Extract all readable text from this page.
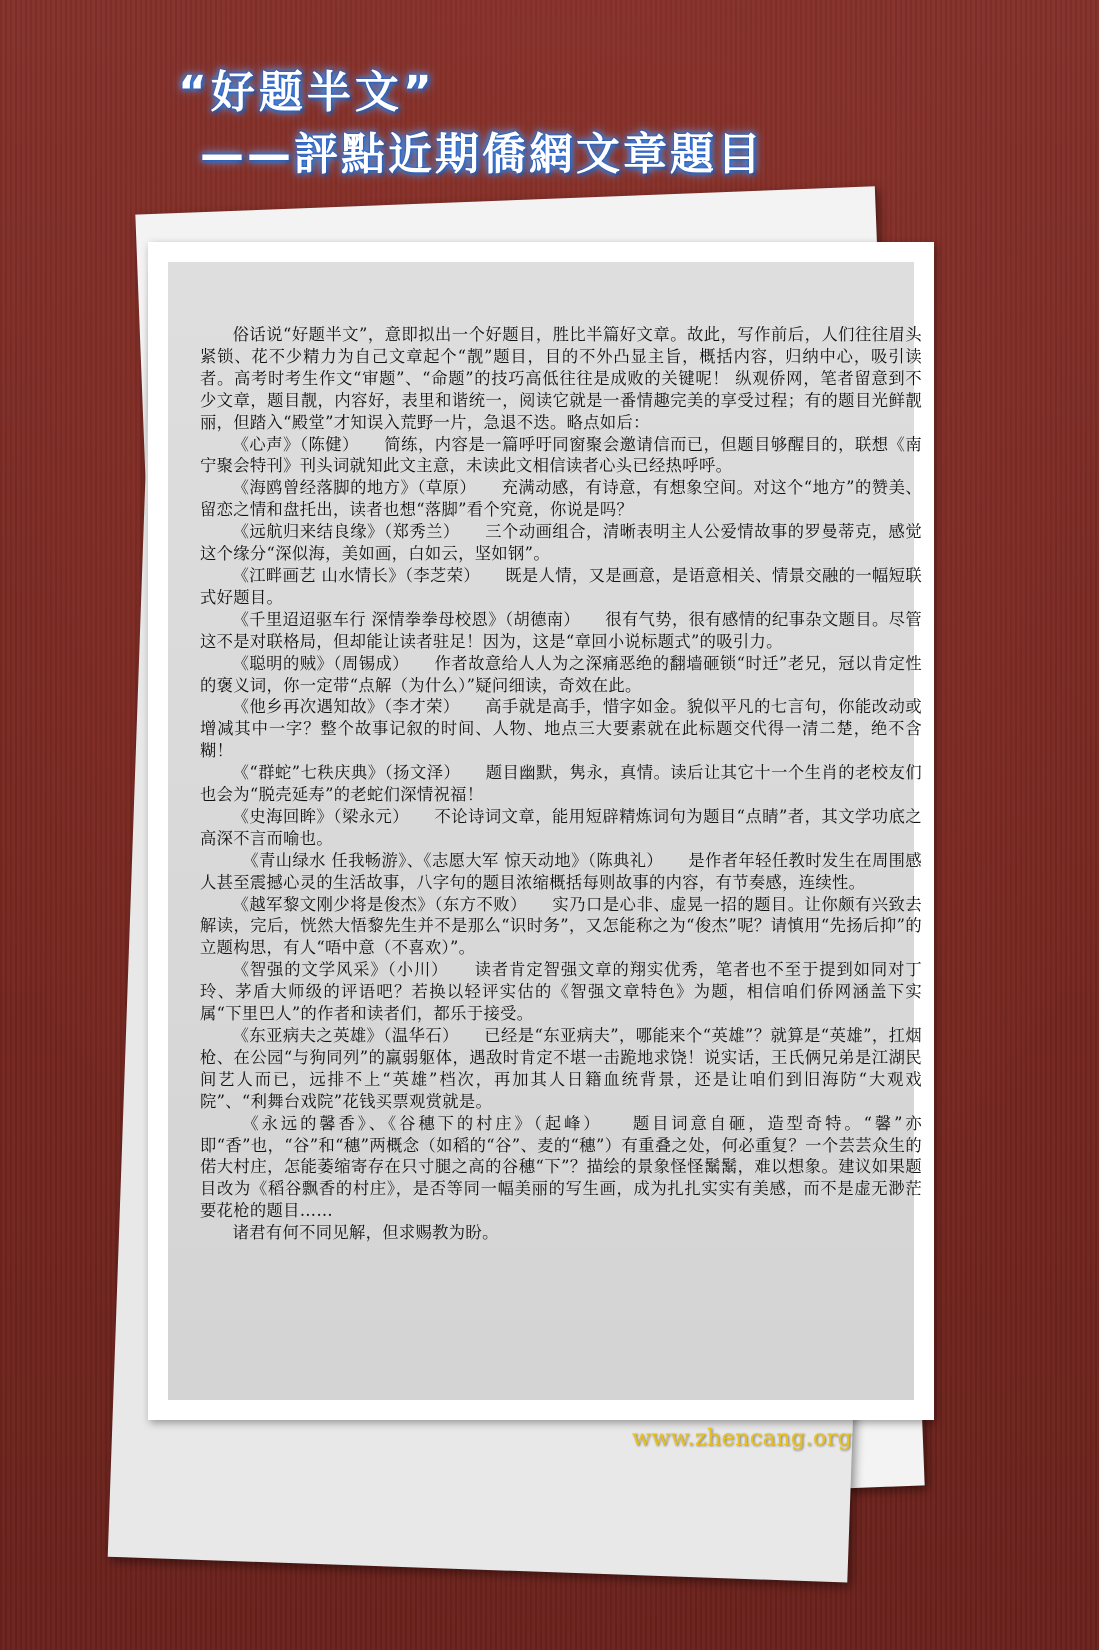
“好题半文”
——評點近期僑網文章題目

俗话说“好题半文”，意即拟出一个好题目，胜比半篇好文章。故此，写作前后，人们往往眉头紧锁、花不少精力为自己文章起个“靓”题目，目的不外凸显主旨，概括内容，归纳中心，吸引读者。高考时考生作文“审题”、“命题”的技巧高低往往是成败的关键呢！ 纵观侨网，笔者留意到不少文章，题目靓，内容好，表里和谐统一，阅读它就是一番情趣完美的享受过程；有的题目光鲜靓丽，但踏入“殿堂”才知误入荒野一片，急退不迭。略点如后：

《心声》（陈健）　　简练，内容是一篇呼吁同窗聚会邀请信而已，但题目够醒目的，联想《南宁聚会特刊》刊头词就知此文主意，未读此文相信读者心头已经热呼呼。

《海鸥曾经落脚的地方》（草原）　　充满动感，有诗意，有想象空间。对这个“地方”的赞美、留恋之情和盘托出，读者也想“落脚”看个究竟，你说是吗？

《远航归来结良缘》（郑秀兰）　　三个动画组合，清晰表明主人公爱情故事的罗曼蒂克，感觉这个缘分“深似海，美如画，白如云，坚如钢”。

《江畔画艺 山水情长》（李芝荣）　　既是人情，又是画意，是语意相关、情景交融的一幅短联式好题目。

《千里迢迢驱车行 深情拳拳母校恩》（胡德南）　　很有气势，很有感情的纪事杂文题目。尽管这不是对联格局，但却能让读者驻足！因为，这是“章回小说标题式”的吸引力。

《聪明的贼》（周锡成）　　作者故意给人人为之深痛恶绝的翻墙砸锁“时迁”老兄，冠以肯定性的褒义词，你一定带“点解（为什么）”疑问细读，奇效在此。

《他乡再次遇知故》（李才荣）　　高手就是高手，惜字如金。貌似平凡的七言句，你能改动或增减其中一字？整个故事记叙的时间、人物、地点三大要素就在此标题交代得一清二楚，绝不含糊！

《“群蛇”七秩庆典》（扬文泽）　　题目幽默，隽永，真情。读后让其它十一个生肖的老校友们也会为“脱壳延寿”的老蛇们深情祝福！

《史海回眸》（梁永元）　　不论诗词文章，能用短辟精炼词句为题目“点睛”者，其文学功底之高深不言而喻也。

《青山绿水 任我畅游》、《志愿大军 惊天动地》（陈典礼）　　是作者年轻任教时发生在周围感人甚至震撼心灵的生活故事，八字句的题目浓缩概括每则故事的内容，有节奏感，连续性。

《越军黎文刚少将是俊杰》（东方不败）　　实乃口是心非、虚晃一招的题目。让你颇有兴致去解读，完后，恍然大悟黎先生并不是那么“识时务”，又怎能称之为“俊杰”呢？请慎用“先扬后抑”的立题构思，有人“唔中意（不喜欢）”。

《智强的文学风采》（小川）　　读者肯定智强文章的翔实优秀，笔者也不至于提到如同对丁玲、茅盾大师级的评语吧？若换以轻评实估的《智强文章特色》为题，相信咱们侨网涵盖下实属“下里巴人”的作者和读者们，都乐于接受。

《东亚病夫之英雄》（温华石）　　已经是“东亚病夫”，哪能来个“英雄”？就算是“英雄”，扛烟枪、在公园“与狗同列”的羸弱躯体，遇敌时肯定不堪一击跪地求饶！说实话，王氏俩兄弟是江湖民间艺人而已，远排不上“英雄”档次，再加其人日籍血统背景，还是让咱们到旧海防“大观戏院”、“利舞台戏院”花钱买票观赏就是。

《永远的馨香》、《谷穗下的村庄》（起峰）　　题目词意自砸，造型奇特。“馨”亦即“香”也，“谷”和“穗”两概念（如稻的“谷”、麦的“穗”）有重叠之处，何必重复？一个芸芸众生的偌大村庄，怎能萎缩寄存在只寸腿之高的谷穗“下”？描绘的景象怪怪鬗鬗，难以想象。建议如果题目改为《稻谷飘香的村庄》，是否等同一幅美丽的写生画，成为扎扎实实有美感，而不是虚无渺茫要花枪的题目……

诸君有何不同见解，但求赐教为盼。

www.zhencang.org
